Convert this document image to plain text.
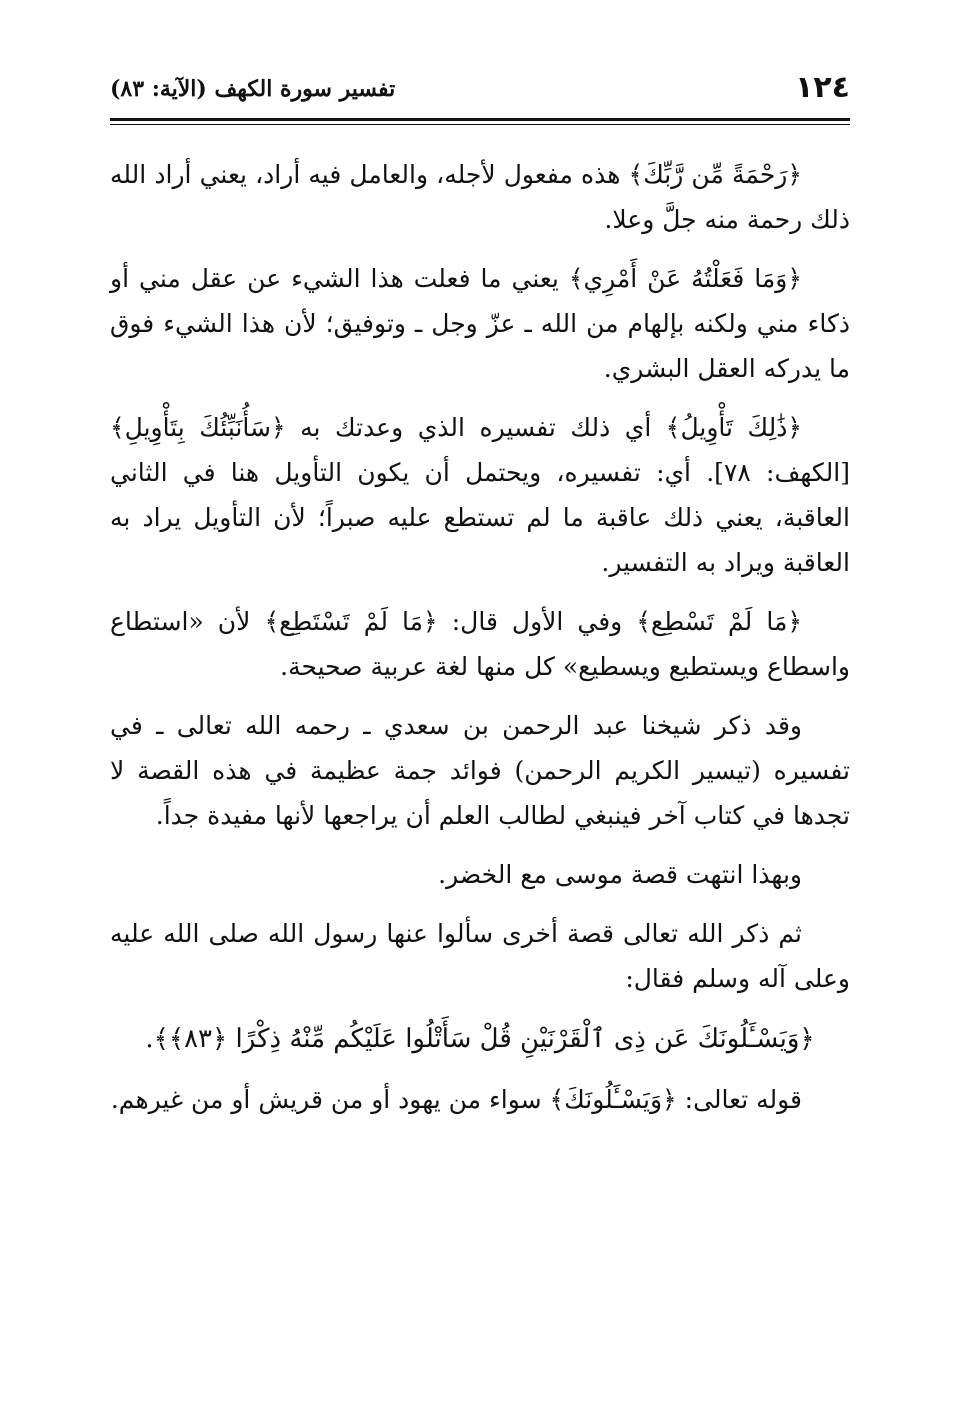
١٢٤
تفسير سورة الكهف (الآية: ٨٣)

﴿رَحْمَةً مِّن رَّبِّكَ﴾ هذه مفعول لأجله، والعامل فيه أراد، يعني أراد الله ذلك رحمة منه جلَّ وعلا.

﴿وَمَا فَعَلْتُهُ عَنْ أَمْرِي﴾ يعني ما فعلت هذا الشيء عن عقل مني أو ذكاء مني ولكنه بإلهام من الله ـ عزّ وجل ـ وتوفيق؛ لأن هذا الشيء فوق ما يدركه العقل البشري.

﴿ذَٰلِكَ تَأْوِيلُ﴾ أي ذلك تفسيره الذي وعدتك به ﴿سَأُنَبِّئُكَ بِتَأْوِيلِ﴾ [الكهف: ٧٨]. أي: تفسيره، ويحتمل أن يكون التأويل هنا في الثاني العاقبة، يعني ذلك عاقبة ما لم تستطع عليه صبراً؛ لأن التأويل يراد به العاقبة ويراد به التفسير.

﴿مَا لَمْ تَسْطِع﴾ وفي الأول قال: ﴿مَا لَمْ تَسْتَطِع﴾ لأن «استطاع واسطاع ويستطيع ويسطيع» كل منها لغة عربية صحيحة.

وقد ذكر شيخنا عبد الرحمن بن سعدي ـ رحمه الله تعالى ـ في تفسيره (تيسير الكريم الرحمن) فوائد جمة عظيمة في هذه القصة لا تجدها في كتاب آخر فينبغي لطالب العلم أن يراجعها لأنها مفيدة جداً.

وبهذا انتهت قصة موسى مع الخضر.

ثم ذكر الله تعالى قصة أخرى سألوا عنها رسول الله صلى الله عليه وعلى آله وسلم فقال:

﴿وَيَسْـَٔلُونَكَ عَن ذِى ٱلْقَرْنَيْنِ قُلْ سَأَتْلُوا عَلَيْكُم مِّنْهُ ذِكْرًا ﴿٨٣﴾﴾.

قوله تعالى: ﴿وَيَسْـَٔلُونَكَ﴾ سواء من يهود أو من قريش أو من غيرهم.
